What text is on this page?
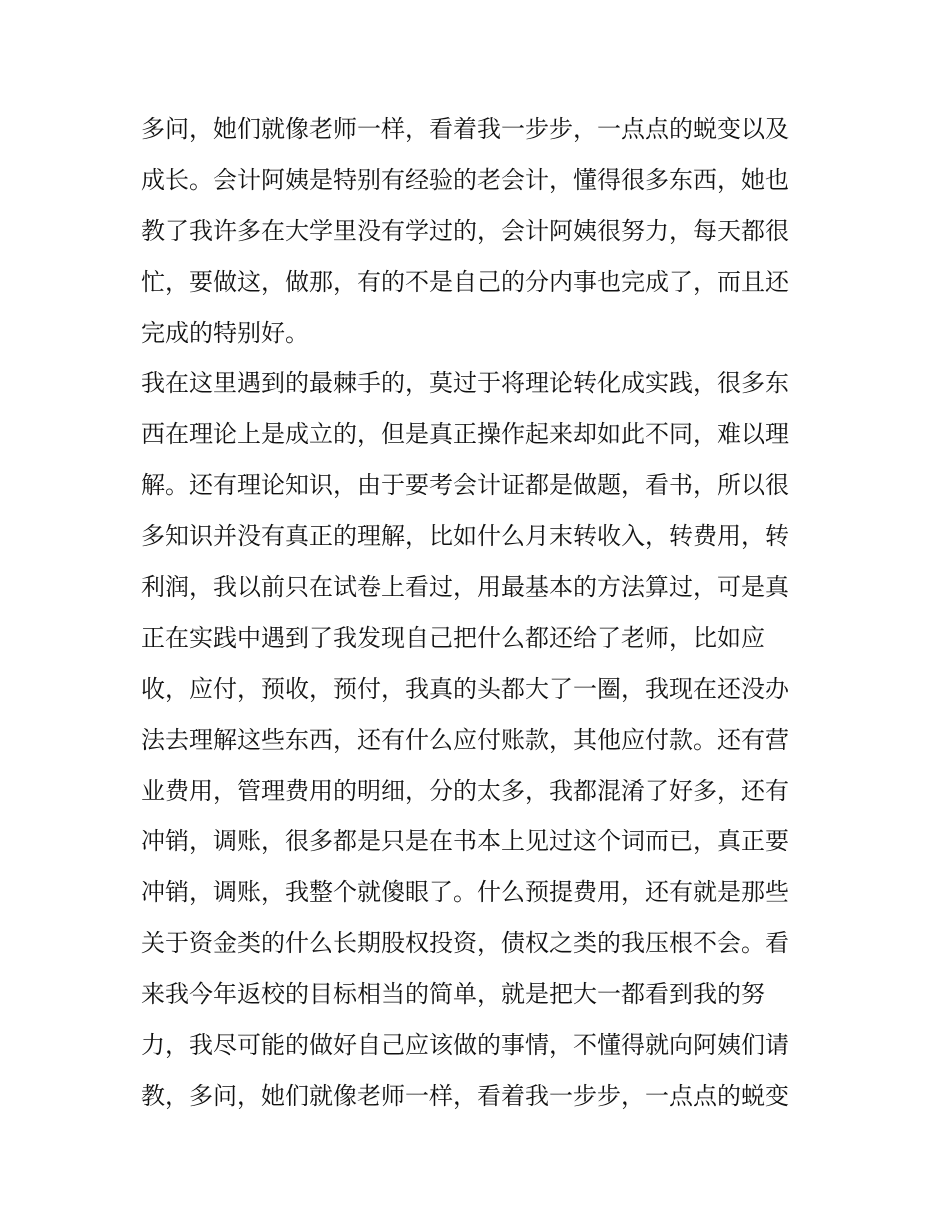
多问，她们就像老师一样，看着我一步步，一点点的蜕变以及
成长。会计阿姨是特别有经验的老会计，懂得很多东西，她也
教了我许多在大学里没有学过的，会计阿姨很努力，每天都很
忙，要做这，做那，有的不是自己的分内事也完成了，而且还
完成的特别好。
我在这里遇到的最棘手的，莫过于将理论转化成实践，很多东
西在理论上是成立的，但是真正操作起来却如此不同，难以理
解。还有理论知识，由于要考会计证都是做题，看书，所以很
多知识并没有真正的理解，比如什么月末转收入，转费用，转
利润，我以前只在试卷上看过，用最基本的方法算过，可是真
正在实践中遇到了我发现自己把什么都还给了老师，比如应
收，应付，预收，预付，我真的头都大了一圈，我现在还没办
法去理解这些东西，还有什么应付账款，其他应付款。还有营
业费用，管理费用的明细，分的太多，我都混淆了好多，还有
冲销，调账，很多都是只是在书本上见过这个词而已，真正要
冲销，调账，我整个就傻眼了。什么预提费用，还有就是那些
关于资金类的什么长期股权投资，债权之类的我压根不会。看
来我今年返校的目标相当的简单，就是把大一都看到我的努
力，我尽可能的做好自己应该做的事情，不懂得就向阿姨们请
教，多问，她们就像老师一样，看着我一步步，一点点的蜕变
